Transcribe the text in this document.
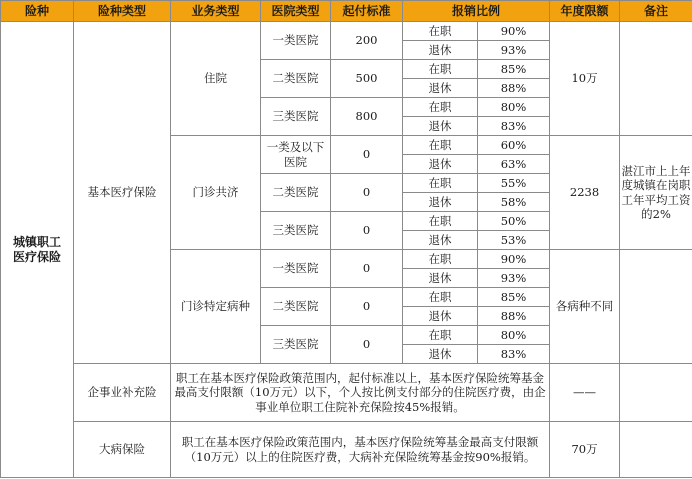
险种	险种类型	业务类型	医院类型	起付标准	报销比例		年度限额	备注

城镇职工医疗保险	基本医疗保险	住院	一类医院	200	在职	90%	10万	
					退休	93%		
			二类医院	500	在职	85%		
					退休	88%		
			三类医院	800	在职	80%		
					退休	83%		
		门诊共济	一类及以下医院	0	在职	60%	2238	湛江市上上年度城镇在岗职工年平均工资的2%
					退休	63%		
			二类医院	0	在职	55%		
					退休	58%		
			三类医院	0	在职	50%		
					退休	53%		
		门诊特定病种	一类医院	0	在职	90%	各病种不同	
					退休	93%		
			二类医院	0	在职	85%		
					退休	88%		
			三类医院	0	在职	80%		
					退休	83%		
	企事业补充险	职工在基本医疗保险政策范围内，起付标准以上，基本医疗保险统筹基金最高支付限额（10万元）以下，个人按比例支付部分的住院医疗费，由企事业单位职工住院补充保险按45%报销。					——	
	大病保险	职工在基本医疗保险政策范围内，基本医疗保险统筹基金最高支付限额（10万元）以上的住院医疗费，大病补充保险统筹基金按90%报销。					70万	
